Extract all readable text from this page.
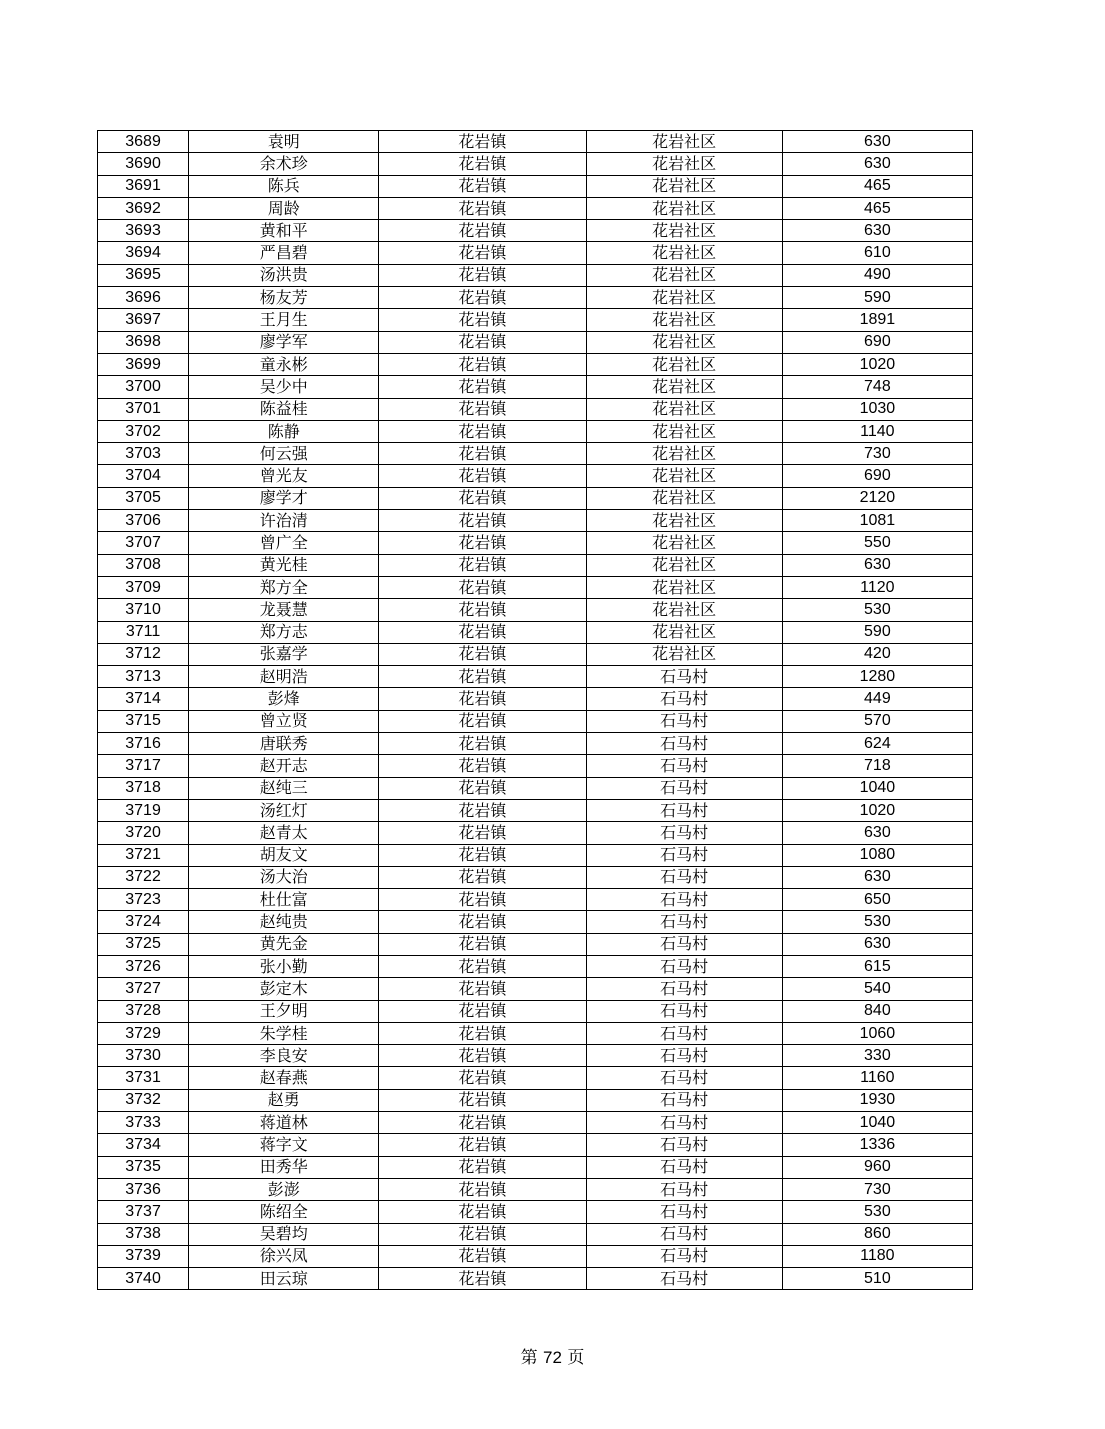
3689	袁明	花岩镇	花岩社区	630
3690	余术珍	花岩镇	花岩社区	630
3691	陈兵	花岩镇	花岩社区	465
3692	周龄	花岩镇	花岩社区	465
3693	黄和平	花岩镇	花岩社区	630
3694	严昌碧	花岩镇	花岩社区	610
3695	汤洪贵	花岩镇	花岩社区	490
3696	杨友芳	花岩镇	花岩社区	590
3697	王月生	花岩镇	花岩社区	1891
3698	廖学军	花岩镇	花岩社区	690
3699	童永彬	花岩镇	花岩社区	1020
3700	吴少中	花岩镇	花岩社区	748
3701	陈益桂	花岩镇	花岩社区	1030
3702	陈静	花岩镇	花岩社区	1140
3703	何云强	花岩镇	花岩社区	730
3704	曾光友	花岩镇	花岩社区	690
3705	廖学才	花岩镇	花岩社区	2120
3706	许治清	花岩镇	花岩社区	1081
3707	曾广全	花岩镇	花岩社区	550
3708	黄光桂	花岩镇	花岩社区	630
3709	郑方全	花岩镇	花岩社区	1120
3710	龙聂慧	花岩镇	花岩社区	530
3711	郑方志	花岩镇	花岩社区	590
3712	张嘉学	花岩镇	花岩社区	420
3713	赵明浩	花岩镇	石马村	1280
3714	彭烽	花岩镇	石马村	449
3715	曾立贤	花岩镇	石马村	570
3716	唐联秀	花岩镇	石马村	624
3717	赵开志	花岩镇	石马村	718
3718	赵纯三	花岩镇	石马村	1040
3719	汤红灯	花岩镇	石马村	1020
3720	赵青太	花岩镇	石马村	630
3721	胡友文	花岩镇	石马村	1080
3722	汤大治	花岩镇	石马村	630
3723	杜仕富	花岩镇	石马村	650
3724	赵纯贵	花岩镇	石马村	530
3725	黄先金	花岩镇	石马村	630
3726	张小勤	花岩镇	石马村	615
3727	彭定木	花岩镇	石马村	540
3728	王夕明	花岩镇	石马村	840
3729	朱学桂	花岩镇	石马村	1060
3730	李良安	花岩镇	石马村	330
3731	赵春燕	花岩镇	石马村	1160
3732	赵勇	花岩镇	石马村	1930
3733	蒋道林	花岩镇	石马村	1040
3734	蒋字文	花岩镇	石马村	1336
3735	田秀华	花岩镇	石马村	960
3736	彭澎	花岩镇	石马村	730
3737	陈绍全	花岩镇	石马村	530
3738	吴碧均	花岩镇	石马村	860
3739	徐兴凤	花岩镇	石马村	1180
3740	田云琼	花岩镇	石马村	510
第 72 页
